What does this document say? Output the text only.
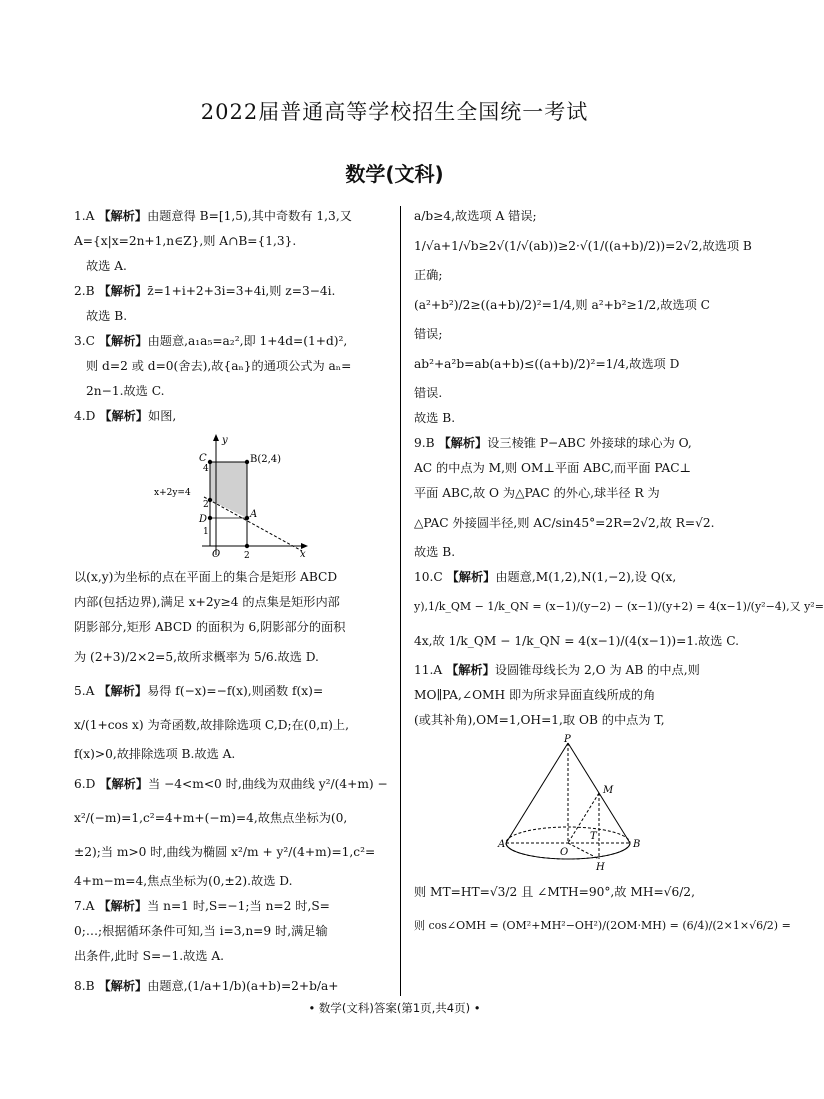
2022届普通高等学校招生全国统一考试
数学(文科)

1.A 【解析】由题意得 B=[1,5),其中奇数有 1,3,又

A={x|x=2n+1,n∈Z},则 A∩B={1,3}.

故选 A.

2.B 【解析】z̄=1+i+2+3i=3+4i,则 z=3−4i.

故选 B.

3.C 【解析】由题意,a₁a₅=a₂²,即 1+4d=(1+d)²,

则 d=2 或 d=0(舍去),故{aₙ}的通项公式为 aₙ=

2n−1.故选 C.

4.D 【解析】如图,

y
x
O
B(2,4)
C
D	A
x+2y=4
4
2
1
2

以(x,y)为坐标的点在平面上的集合是矩形 ABCD

内部(包括边界),满足 x+2y≥4 的点集是矩形内部

阴影部分,矩形 ABCD 的面积为 6,阴影部分的面积

为 (2+3)/2×2=5,故所求概率为 5/6.故选 D.

5.A 【解析】易得 f(−x)=−f(x),则函数 f(x)=

x/(1+cos x) 为奇函数,故排除选项 C,D;在(0,π)上,

f(x)>0,故排除选项 B.故选 A.

6.D 【解析】当 −4<m<0 时,曲线为双曲线 y²/(4+m) −

x²/(−m)=1,c²=4+m+(−m)=4,故焦点坐标为(0,

±2);当 m>0 时,曲线为椭圆 x²/m + y²/(4+m)=1,c²=

4+m−m=4,焦点坐标为(0,±2).故选 D.

7.A 【解析】当 n=1 时,S=−1;当 n=2 时,S=

0;…;根据循环条件可知,当 i=3,n=9 时,满足输

出条件,此时 S=−1.故选 A.

8.B 【解析】由题意,(1/a+1/b)(a+b)=2+b/a+

a/b≥4,故选项 A 错误;

1/√a+1/√b≥2√(1/√(ab))≥2·√(1/((a+b)/2))=2√2,故选项 B

正确;

(a²+b²)/2≥((a+b)/2)²=1/4,则 a²+b²≥1/2,故选项 C

错误;

ab²+a²b=ab(a+b)≤((a+b)/2)²=1/4,故选项 D

错误.

故选 B.

9.B 【解析】设三棱锥 P−ABC 外接球的球心为 O,

AC 的中点为 M,则 OM⊥平面 ABC,而平面 PAC⊥

平面 ABC,故 O 为△PAC 的外心,球半径 R 为

△PAC 外接圆半径,则 AC/sin45°=2R=2√2,故 R=√2.

故选 B.

10.C 【解析】由题意,M(1,2),N(1,−2),设 Q(x,

y),1/k_QM − 1/k_QN = (x−1)/(y−2) − (x−1)/(y+2) = 4(x−1)/(y²−4),又 y²=

4x,故 1/k_QM − 1/k_QN = 4(x−1)/(4(x−1))=1.故选 C.

11.A 【解析】设圆锥母线长为 2,O 为 AB 的中点,则

MO∥PA,∠OMH 即为所求异面直线所成的角

(或其补角),OM=1,OH=1,取 OB 的中点为 T,

P
M
A	B
O
T
H

则 MT=HT=√3/2 且 ∠MTH=90°,故 MH=√6/2,

则 cos∠OMH = (OM²+MH²−OH²)/(2OM·MH) = (6/4)/(2×1×√6/2) =

• 数学(文科)答案(第1页,共4页) •
